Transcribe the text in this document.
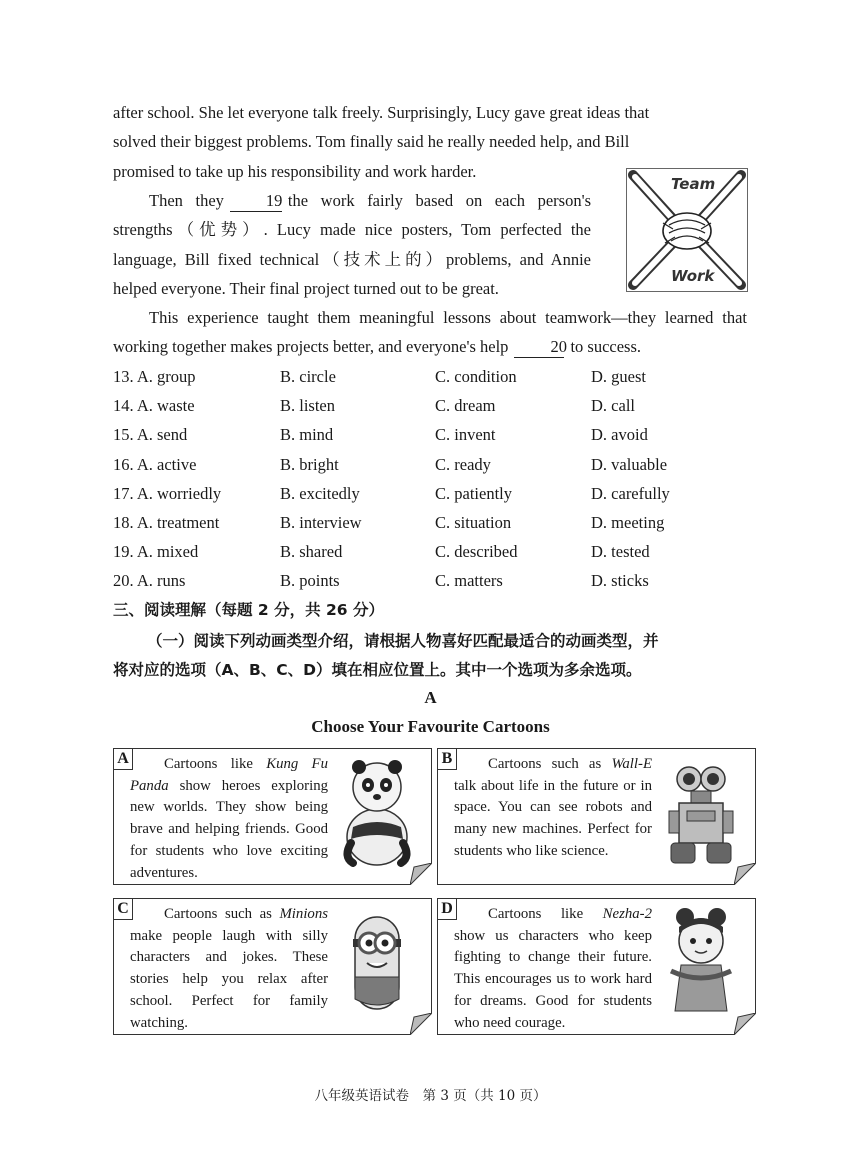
after school. She let everyone talk freely. Surprisingly, Lucy gave great ideas that
solved their biggest problems. Tom finally said he really needed help, and Bill
promised to take up his responsibility and work harder.
Then they	19 the work fairly based on each person's strengths（优势）. Lucy made nice posters, Tom perfected the language, Bill fixed technical（技术上的）problems, and Annie helped everyone. Their final project turned out to be great.
Team
Work
This experience taught them meaningful lessons about teamwork—they learned that working together makes projects better, and everyone's help	20 to success.
13. A. group	B. circle	C. condition	D. guest
14. A. waste	B. listen	C. dream	D. call
15. A. send	B. mind	C. invent	D. avoid
16. A. active	B. bright	C. ready	D. valuable
17. A. worriedly	B. excitedly	C. patiently	D. carefully
18. A. treatment	B. interview	C. situation	D. meeting
19. A. mixed	B. shared	C. described	D. tested
20. A. runs	B. points	C. matters	D. sticks
三、阅读理解（每题 2 分，共 26 分）
（一）阅读下列动画类型介绍，请根据人物喜好匹配最适合的动画类型，并
将对应的选项（A、B、C、D）填在相应位置上。其中一个选项为多余选项。
A
Choose Your Favourite Cartoons
A	Cartoons like Kung Fu Panda show heroes exploring new worlds. They show being brave and helping friends. Good for students who love exciting adventures.
B	Cartoons such as Wall-E talk about life in the future or in space. You can see robots and many new machines. Perfect for students who like science.
C	Cartoons such as Minions make people laugh with silly characters and jokes. These stories help you relax after school. Perfect for family watching.
D	Cartoons like Nezha-2 show us characters who keep fighting to change their future. This encourages us to work hard for dreams. Good for students who need courage.
八年级英语试卷　第 3 页（共 10 页）
